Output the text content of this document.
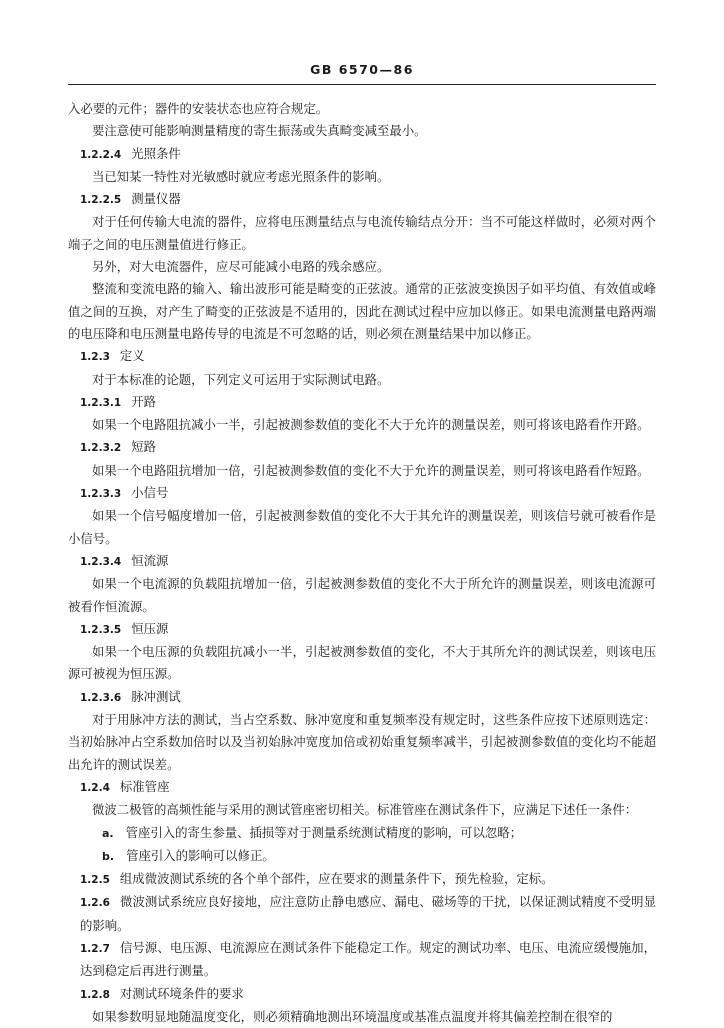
GB 6570—86

入必要的元件；器件的安装状态也应符合规定。

要注意使可能影响测量精度的寄生振荡或失真畸变减至最小。

1.2.2.4 光照条件

当已知某一特性对光敏感时就应考虑光照条件的影响。

1.2.2.5 测量仪器

对于任何传输大电流的器件，应将电压测量结点与电流传输结点分开：当不可能这样做时，必须对两个端子之间的电压测量值进行修正。

另外，对大电流器件，应尽可能减小电路的残余感应。

整流和变流电路的输入、输出波形可能是畸变的正弦波。通常的正弦波变换因子如平均值、有效值或峰值之间的互换，对产生了畸变的正弦波是不适用的，因此在测试过程中应加以修正。如果电流测量电路两端的电压降和电压测量电路传导的电流是不可忽略的话，则必须在测量结果中加以修正。

1.2.3 定义

对于本标准的论题，下列定义可运用于实际测试电路。

1.2.3.1 开路

如果一个电路阻抗减小一半，引起被测参数值的变化不大于允许的测量误差，则可将该电路看作开路。

1.2.3.2 短路

如果一个电路阻抗增加一倍，引起被测参数值的变化不大于允许的测量误差，则可将该电路看作短路。

1.2.3.3 小信号

如果一个信号幅度增加一倍，引起被测参数值的变化不大于其允许的测量误差，则该信号就可被看作是小信号。

1.2.3.4 恒流源

如果一个电流源的负载阻抗增加一倍，引起被测参数值的变化不大于所允许的测量误差，则该电流源可被看作恒流源。

1.2.3.5 恒压源

如果一个电压源的负载阻抗减小一半，引起被测参数值的变化，不大于其所允许的测试误差，则该电压源可被视为恒压源。

1.2.3.6 脉冲测试

对于用脉冲方法的测试，当占空系数、脉冲宽度和重复频率没有规定时，这些条件应按下述原则选定：当初始脉冲占空系数加倍时以及当初始脉冲宽度加倍或初始重复频率减半，引起被测参数值的变化均不能超出允许的测试误差。

1.2.4 标准管座

微波二极管的高频性能与采用的测试管座密切相关。标准管座在测试条件下，应满足下述任一条件：

a. 管座引入的寄生参量、插损等对于测量系统测试精度的影响，可以忽略；

b. 管座引入的影响可以修正。

1.2.5 组成微波测试系统的各个单个部件，应在要求的测量条件下，预先检验，定标。

1.2.6 微波测试系统应良好接地，应注意防止静电感应、漏电、磁场等的干扰，以保证测试精度不受明显的影响。

1.2.7 信号源、电压源、电流源应在测试条件下能稳定工作。规定的测试功率、电压、电流应缓慢施加，达到稳定后再进行测量。

1.2.8 对测试环境条件的要求

如果参数明显地随温度变化，则必须精确地测出环境温度或基准点温度并将其偏差控制在很窄的
